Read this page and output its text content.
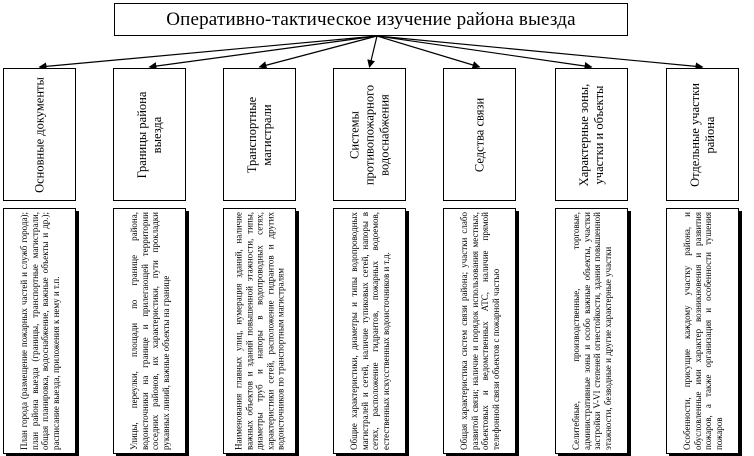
Оперативно-тактическое изучение района выезда
Основные документы	Границы района выезда	Транспортные магистрали	Системы противопожарного водоснабжения	Седства связи	Характерные зоны, участки и объекты	Отдельные участки района
План города (размещение пожарных частей и служб города); план района выезда (границы, транспортные магистрали, общая планировка, водоснабжение, важные объекты и др.); расписание выезда, приложения к нему и т.п.	Улицы, переулки, площади по границе района, водоисточники на границе и прилегающей территории соседних районов, их характеристики, пути прокладки рукавных линий, важные объекты на границе	Наименования главных улиц, нумерация зданий, наличие важных объектов и зданий повышенной этажности, типы, диаметры труб и напоры в водопроводных сетях, характеристики сетей, расположение гидрантов и других водоисточников по транспортным магистралям	Общие характеристики, диаметры и типы водопроводных магистралей и сетей, наличие тупиковых сетей, напоры в сетях, расположение гидрантов, пожарных водоемов, естественных искусственных водоисточников и т.д.	Общая характеристика систем связи района; участки слабо развитой связи; наличие и порядок использования местных, объектовых и ведомственных АТС, наличие прямой телефонной связи объектов с пожарной частью	Селитебные, производственные, торговые, административные зоны и особо важные объекты, участки застройки V-VI степеней огнестойкости, здания повышенной этажности, безводные и другие характерные участки	Особенности, присущие каждому участку района, и обусловленные ими характер возникновения и развития пожаров, а также организация и особенности тушения пожаров
